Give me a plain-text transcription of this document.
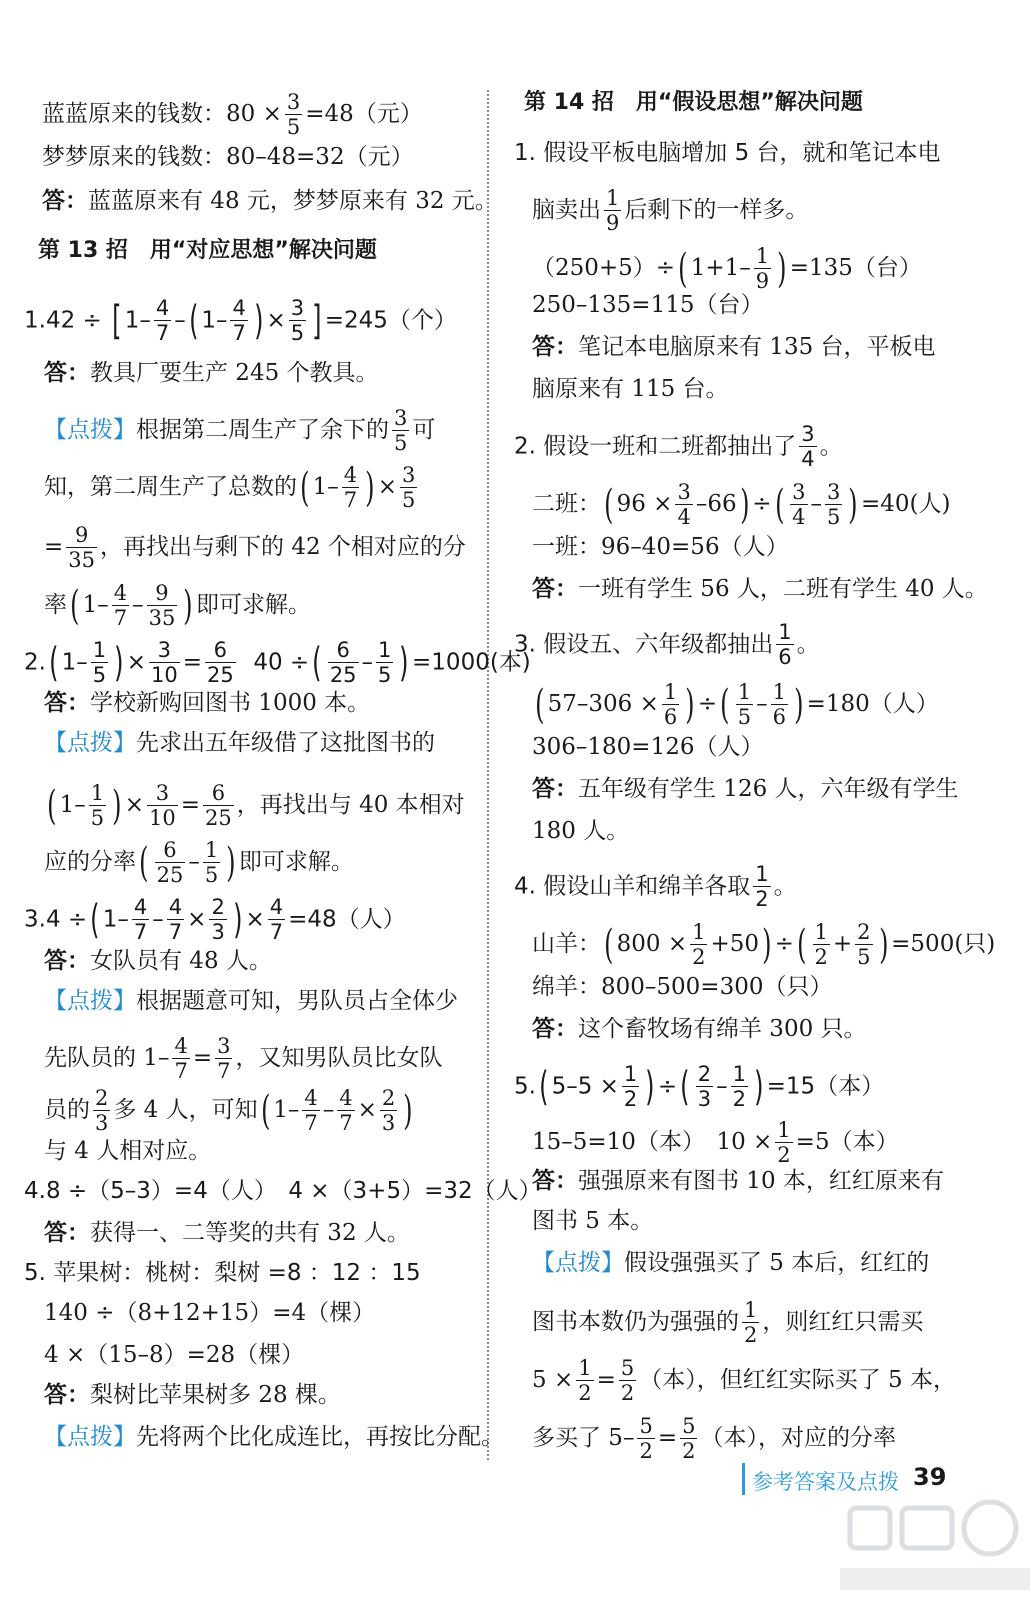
蓝蓝原来的钱数：$80 \times \frac{3}{5} =48$（元）
梦梦原来的钱数：80–48=32（元）
答：蓝蓝原来有 48 元，梦梦原来有 32 元。
第 13 招　用“对应思想”解决问题
1.42 ÷ [ $1- \frac{4}{7}$ –( $1- \frac{4}{7}$ ) × $\frac{3}{5}$ ] =245（个）
答：教具厂要生产 245 个教具。
【点拨】根据第二周生产了余下的 $\frac{3}{5}$ 可
知，第二周生产了总数的( $1- \frac{4}{7}$ ) × $\frac{3}{5}$
= $\frac{9}{35}$ ，再找出与剩下的 42 个相对应的分
率( $1- \frac{4}{7} - \frac{9}{35}$ ) 即可求解。
2.( $1- \frac{1}{5}$ ) × $\frac{3}{10} = \frac{6}{25} 40$ ÷( $\frac{6}{25} - \frac{1}{5}$ ) =1000(本)
答：学校新购回图书 1000 本。
【点拨】先求出五年级借了这批图书的
( $1- \frac{1}{5}$ ) × $\frac{3}{10} = \frac{6}{25}$ ，再找出与 40 本相对
应的分率( $\frac{6}{25} - \frac{1}{5}$ ) 即可求解。
3.4 ÷( $1- \frac{4}{7} - \frac{4}{7} \times \frac{2}{3}$ ) × $\frac{4}{7} =48$（人）
答：女队员有 48 人。
【点拨】根据题意可知，男队员占全体少
先队员的 $1- \frac{4}{7} = \frac{3}{7}$ ，又知男队员比女队
员的 $\frac{2}{3}$ 多 4 人，可知( $1- \frac{4}{7} - \frac{4}{7} \times \frac{2}{3}$ )
与 4 人相对应。
4.8 ÷（5–3）=4（人）　4 ×（3+5）=32（人）
答：获得一、二等奖的共有 32 人。
5. 苹果树：桃树：梨树 =8 ：12 ：15
140 ÷（8+12+15）=4（棵）
4 ×（15–8）=28（棵）
答：梨树比苹果树多 28 棵。
【点拨】先将两个比化成连比，再按比分配。
第 14 招　用“假设思想”解决问题
1. 假设平板电脑增加 5 台，就和笔记本电
脑卖出 $\frac{1}{9}$ 后剩下的一样多。
（250+5）÷( $1+1- \frac{1}{9}$ ) =135（台）
250–135=115（台）
答：笔记本电脑原来有 135 台，平板电
脑原来有 115 台。
2. 假设一班和二班都抽出了 $\frac{3}{4}$ 。
二班：( $96 \times \frac{3}{4} -66$) ÷( $\frac{3}{4} - \frac{3}{5}$ ) =40(人)
一班：96–40=56（人）
答：一班有学生 56 人，二班有学生 40 人。
3. 假设五、六年级都抽出 $\frac{1}{6}$ 。
( $57-306 \times \frac{1}{6}$ ) ÷( $\frac{1}{5} - \frac{1}{6}$ ) =180（人）
306–180=126（人）
答：五年级有学生 126 人，六年级有学生
180 人。
4. 假设山羊和绵羊各取 $\frac{1}{2}$ 。
山羊：( $800 \times \frac{1}{2} +50$) ÷( $\frac{1}{2} + \frac{2}{5}$ ) =500(只)
绵羊：800–500=300（只）
答：这个畜牧场有绵羊 300 只。
5.( $5-5 \times \frac{1}{2}$ ) ÷( $\frac{2}{3} - \frac{1}{2}$ ) =15（本）
15–5=10（本）　$10 \times \frac{1}{2} =5$（本）
答：强强原来有图书 10 本，红红原来有
图书 5 本。
【点拨】假设强强买了 5 本后，红红的
图书本数仍为强强的 $\frac{1}{2}$ ，则红红只需买
$5 \times \frac{1}{2} = \frac{5}{2}$ （本），但红红实际买了 5 本，
多买了 $5- \frac{5}{2} = \frac{5}{2}$ （本），对应的分率
参考答案及点拨 39
